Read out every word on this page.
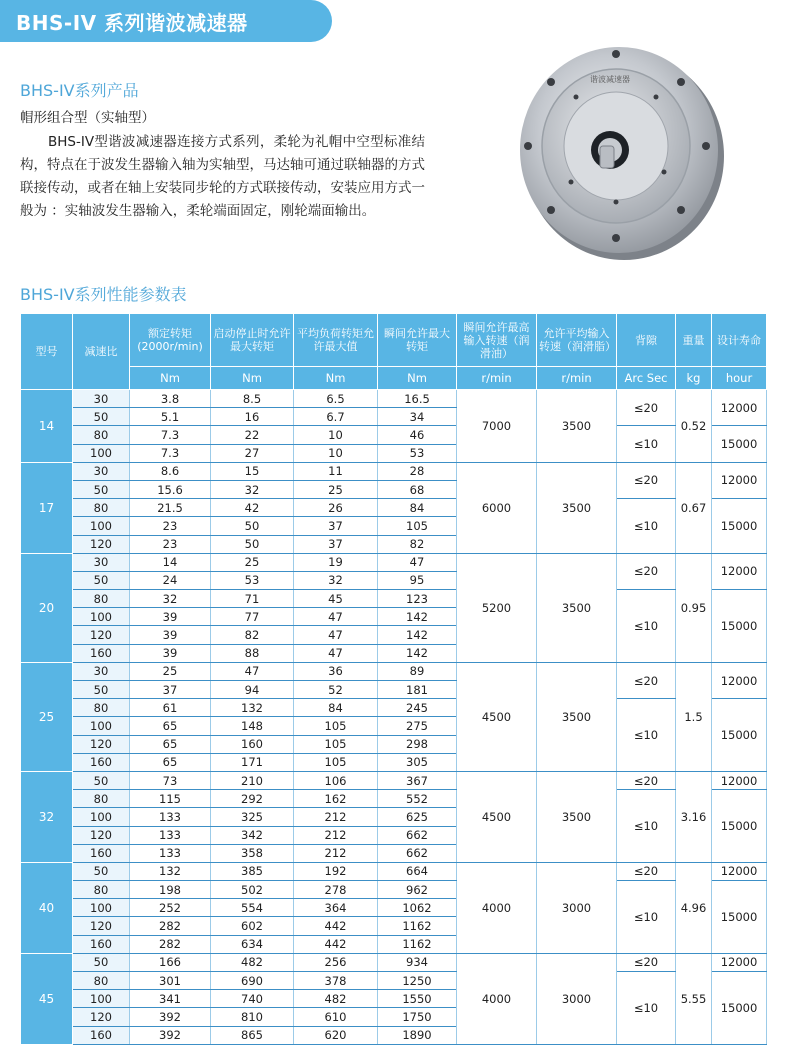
BHS-IV 系列谐波减速器
BHS-IV系列产品
帽形组合型（实轴型）
BHS-IV型谐波减速器连接方式系列，柔轮为礼帽中空型标准结构，特点在于波发生器输入轴为实轴型，马达轴可通过联轴器的方式联接传动，或者在轴上安装同步轮的方式联接传动，安装应用方式一般为 ：实轴波发生器输入，柔轮端面固定，刚轮端面输出。
谐波减速器
BHS-IV系列性能参数表
型号	减速比	额定转矩 (2000r/min)	启动停止时允许最大转矩	平均负荷转矩允许最大值	瞬间允许最大转矩	瞬间允许最高输入转速（润滑油）	允许平均输入转速（润滑脂）	背隙	重量	设计寿命
		Nm	Nm	Nm	Nm	r/min	r/min	Arc Sec	kg	hour
14	30	3.8	8.5	6.5	16.5	7000	3500	≤20	0.52	12000
	50	5.1	16	6.7	34					
	80	7.3	22	10	46			≤10		15000
	100	7.3	27	10	53					
17	30	8.6	15	11	28	6000	3500	≤20	0.67	12000
	50	15.6	32	25	68					
	80	21.5	42	26	84			≤10		15000
	100	23	50	37	105					
	120	23	50	37	82					
20	30	14	25	19	47	5200	3500	≤20	0.95	12000
	50	24	53	32	95					
	80	32	71	45	123			≤10		15000
	100	39	77	47	142					
	120	39	82	47	142					
	160	39	88	47	142					
25	30	25	47	36	89	4500	3500	≤20	1.5	12000
	50	37	94	52	181					
	80	61	132	84	245			≤10		15000
	100	65	148	105	275					
	120	65	160	105	298					
	160	65	171	105	305					
32	50	73	210	106	367	4500	3500	≤20	3.16	12000
	80	115	292	162	552			≤10		15000
	100	133	325	212	625					
	120	133	342	212	662					
	160	133	358	212	662					
40	50	132	385	192	664	4000	3000	≤20	4.96	12000
	80	198	502	278	962			≤10		15000
	100	252	554	364	1062					
	120	282	602	442	1162					
	160	282	634	442	1162					
45	50	166	482	256	934	4000	3000	≤20	5.55	12000
	80	301	690	378	1250			≤10		15000
	100	341	740	482	1550					
	120	392	810	610	1750					
	160	392	865	620	1890					
